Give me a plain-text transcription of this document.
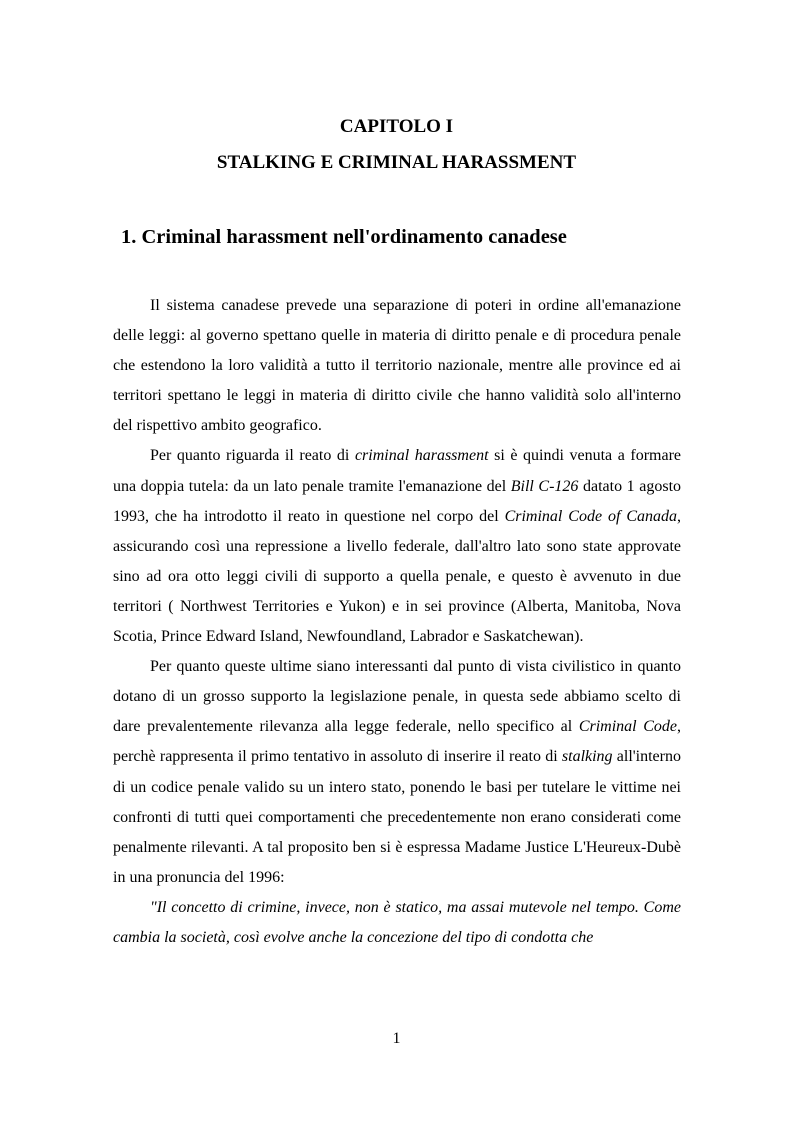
CAPITOLO I
STALKING E CRIMINAL HARASSMENT
1. Criminal harassment nell'ordinamento canadese

Il sistema canadese prevede una separazione di poteri in ordine all'emanazione delle leggi: al governo spettano quelle in materia di diritto penale e di procedura penale che estendono la loro validità a tutto il territorio nazionale, mentre alle province ed ai territori spettano le leggi in materia di diritto civile che hanno validità solo all'interno del rispettivo ambito geografico.

Per quanto riguarda il reato di criminal harassment si è quindi venuta a formare una doppia tutela: da un lato penale tramite l'emanazione del Bill C-126 datato 1 agosto 1993, che ha introdotto il reato in questione nel corpo del Criminal Code of Canada, assicurando così una repressione a livello federale, dall'altro lato sono state approvate sino ad ora otto leggi civili di supporto a quella penale, e questo è avvenuto in due territori ( Northwest Territories e Yukon) e in sei province (Alberta, Manitoba, Nova Scotia, Prince Edward Island, Newfoundland, Labrador e Saskatchewan).

Per quanto queste ultime siano interessanti dal punto di vista civilistico in quanto dotano di un grosso supporto la legislazione penale, in questa sede abbiamo scelto di dare prevalentemente rilevanza alla legge federale, nello specifico al Criminal Code, perchè rappresenta il primo tentativo in assoluto di inserire il reato di stalking all'interno di un codice penale valido su un intero stato, ponendo le basi per tutelare le vittime nei confronti di tutti quei comportamenti che precedentemente non erano considerati come penalmente rilevanti. A tal proposito ben si è espressa Madame Justice L'Heureux-Dubè in una pronuncia del 1996:

"Il concetto di crimine, invece, non è statico, ma assai mutevole nel tempo. Come cambia la società, così evolve anche la concezione del tipo di condotta che

1
